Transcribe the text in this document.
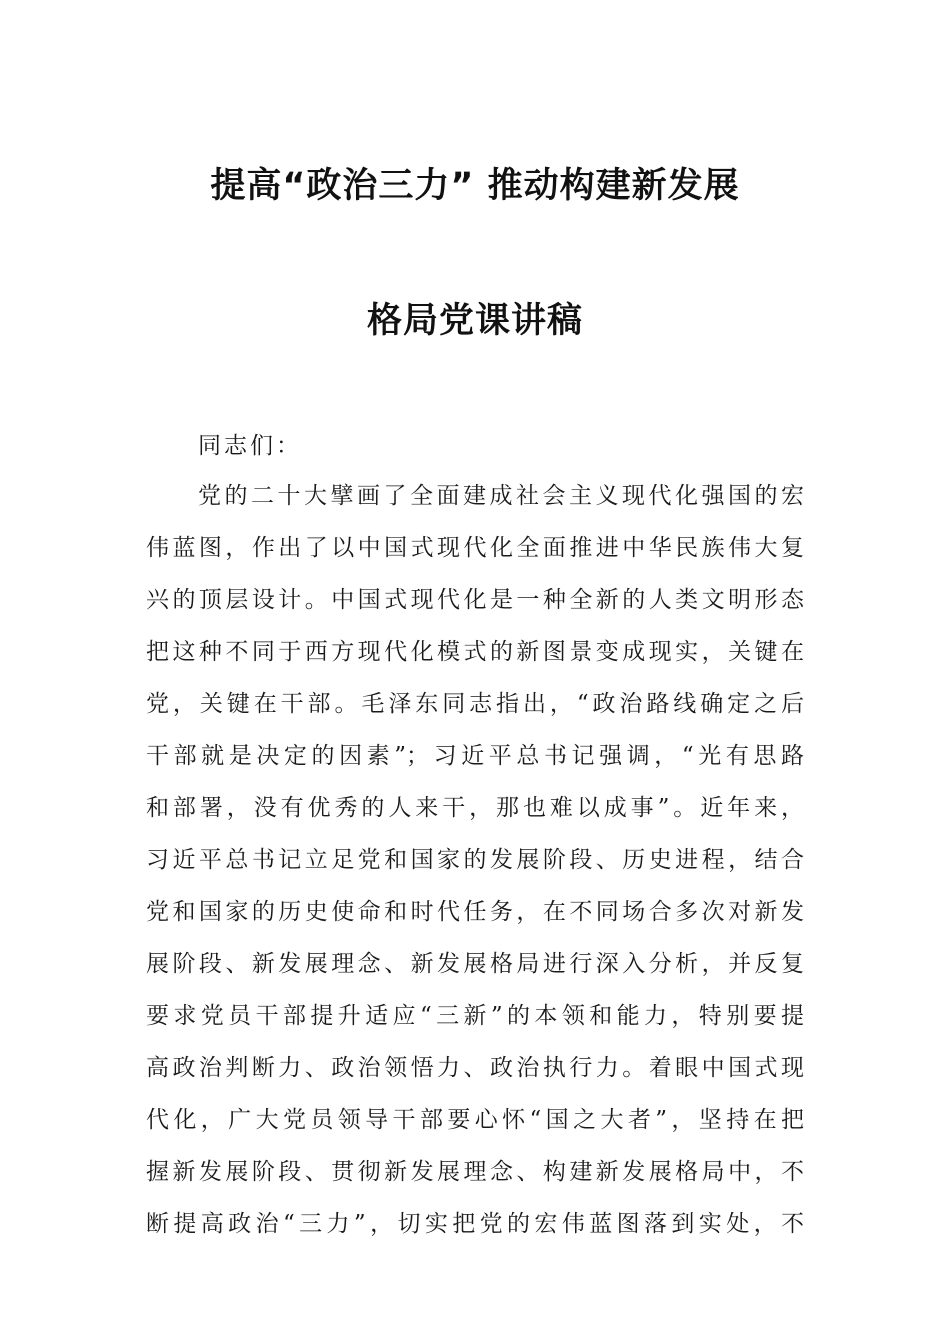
提高“政治三力” 推动构建新发展
格局党课讲稿
同志们：
党的二十大擘画了全面建成社会主义现代化强国的宏
伟蓝图，作出了以中国式现代化全面推进中华民族伟大复
兴的顶层设计。中国式现代化是一种全新的人类文明形态
把这种不同于西方现代化模式的新图景变成现实，关键在
党，关键在干部。毛泽东同志指出，“政治路线确定之后
干部就是决定的因素”；习近平总书记强调，“光有思路
和部署，没有优秀的人来干，那也难以成事”。近年来，
习近平总书记立足党和国家的发展阶段、历史进程，结合
党和国家的历史使命和时代任务，在不同场合多次对新发
展阶段、新发展理念、新发展格局进行深入分析，并反复
要求党员干部提升适应“三新”的本领和能力，特别要提
高政治判断力、政治领悟力、政治执行力。着眼中国式现
代化，广大党员领导干部要心怀“国之大者”，坚持在把
握新发展阶段、贯彻新发展理念、构建新发展格局中，不
断提高政治“三力”，切实把党的宏伟蓝图落到实处，不
